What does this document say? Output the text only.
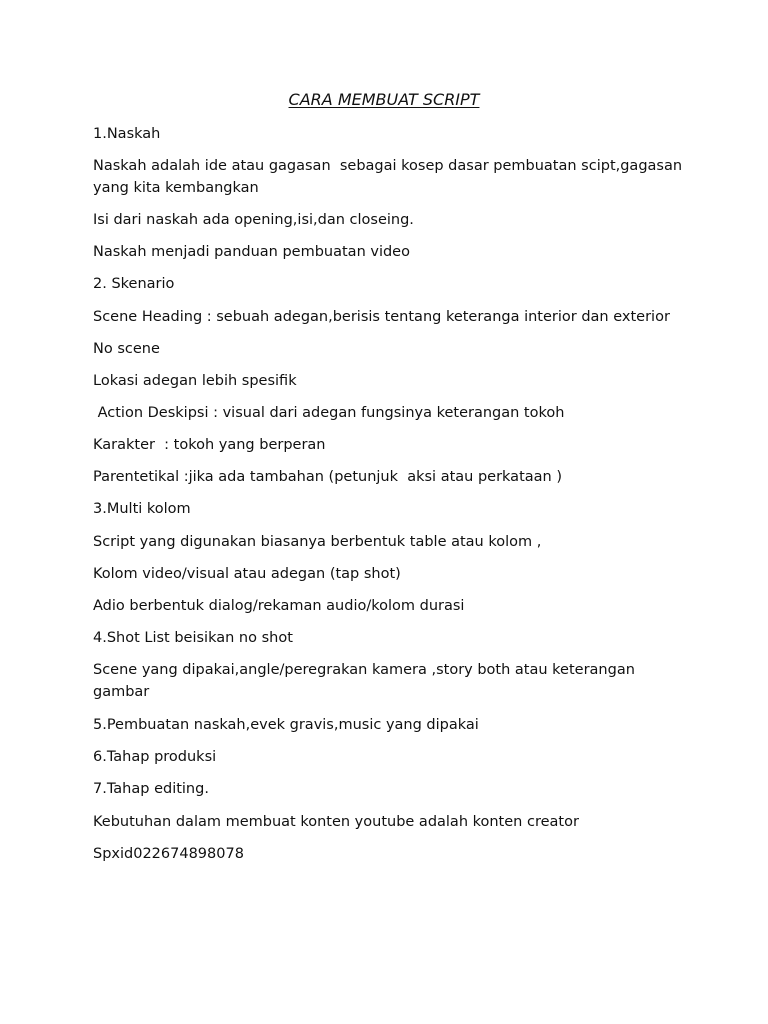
CARA MEMBUAT SCRIPT
1.Naskah
Naskah adalah ide atau gagasan  sebagai kosep dasar pembuatan scipt,gagasan yang kita kembangkan
Isi dari naskah ada opening,isi,dan closeing.
Naskah menjadi panduan pembuatan video
2. Skenario
Scene Heading : sebuah adegan,berisis tentang keteranga interior dan exterior
No scene
Lokasi adegan lebih spesifik
Action Deskipsi : visual dari adegan fungsinya keterangan tokoh
Karakter  : tokoh yang berperan
Parentetikal :jika ada tambahan (petunjuk  aksi atau perkataan )
3.Multi kolom
Script yang digunakan biasanya berbentuk table atau kolom ,
Kolom video/visual atau adegan (tap shot)
Adio berbentuk dialog/rekaman audio/kolom durasi
4.Shot List beisikan no shot
Scene yang dipakai,angle/peregrakan kamera ,story both atau keterangan gambar
5.Pembuatan naskah,evek gravis,music yang dipakai
6.Tahap produksi
7.Tahap editing.
Kebutuhan dalam membuat konten youtube adalah konten creator
Spxid022674898078
